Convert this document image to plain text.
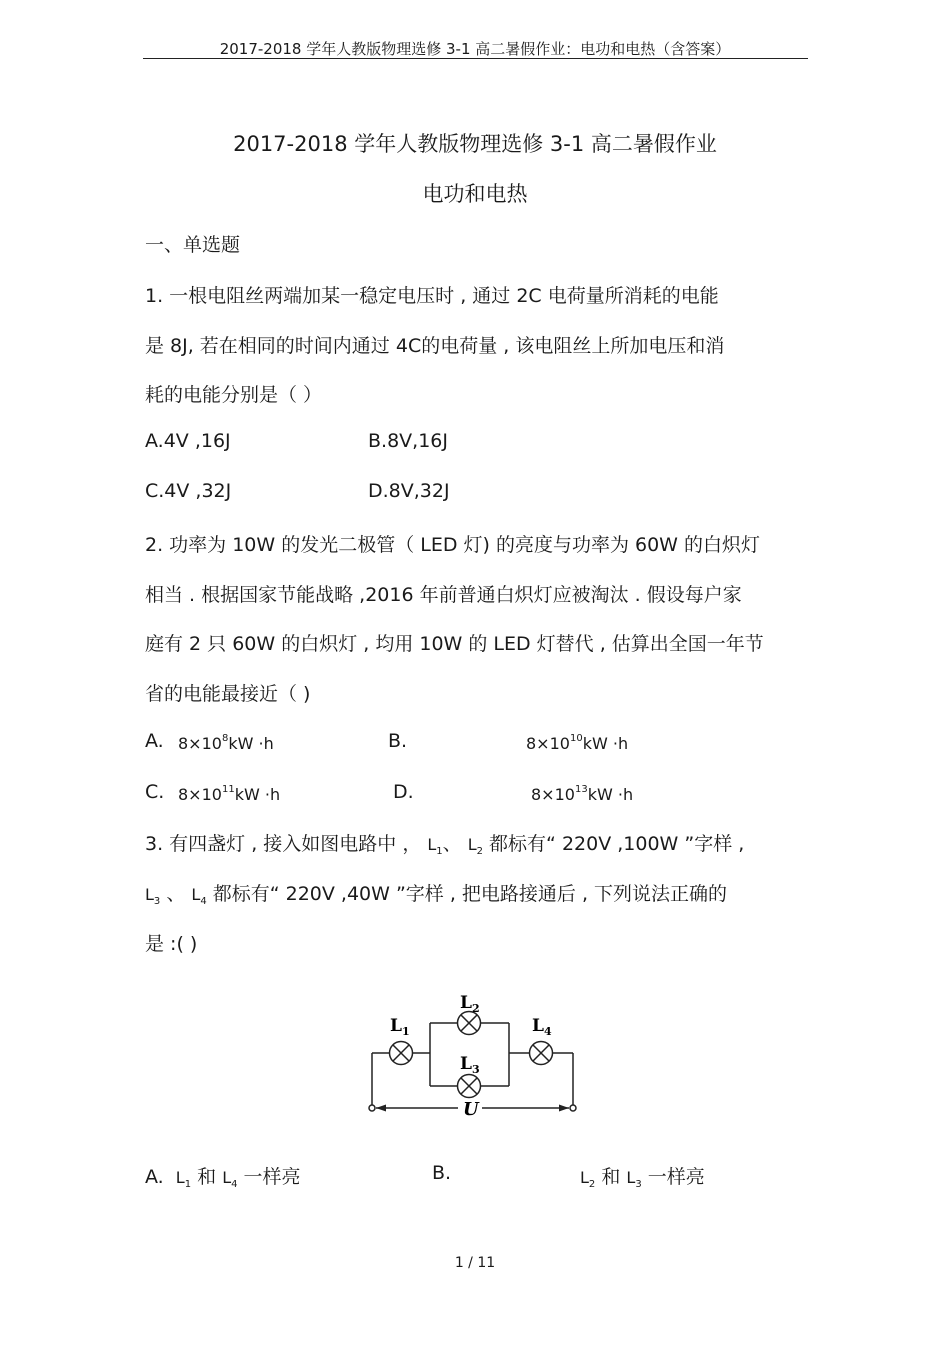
2017-2018 学年人教版物理选修 3-1 高二暑假作业：电功和电热（含答案）
2017-2018 学年人教版物理选修 3-1 高二暑假作业
电功和电热
一、单选题
1. 一根电阻丝两端加某一稳定电压时 , 通过 2C 电荷量所消耗的电能
是 8J, 若在相同的时间内通过 4C的电荷量 , 该电阻丝上所加电压和消
耗的电能分别是（ ）
A.4V ,16J	B.8V,16J
C.4V ,32J	D.8V,32J
2. 功率为 10W 的发光二极管（ LED 灯) 的亮度与功率为 60W 的白炽灯
相当 . 根据国家节能战略 ,2016 年前普通白炽灯应被淘汰 . 假设每户家
庭有 2 只 60W 的白炽灯 , 均用 10W 的 LED 灯替代 , 估算出全国一年节
省的电能最接近（ )
A. $8\times 10^8kW \cdot h$	B.	$8\times 10^{10}kW \cdot h$
C. $8\times 10^{11}kW \cdot h$	D.	$8\times 10^{13}kW \cdot h$
3. 有四盏灯 , 接入如图电路中 ， $L_1$、 $L_2$ 都标有“ 220V ,100W ”字样 ,
$L_3$ 、 $L_4$ 都标有“ 220V ,40W ”字样 , 把电路接通后 , 下列说法正确的
是 :( )
$L_1$
$L_2$
$L_3$
$L_4$
U
A. $L_1$ 和 $L_4$ 一样亮	B.	$L_2$ 和 $L_3$ 一样亮
1 / 11
